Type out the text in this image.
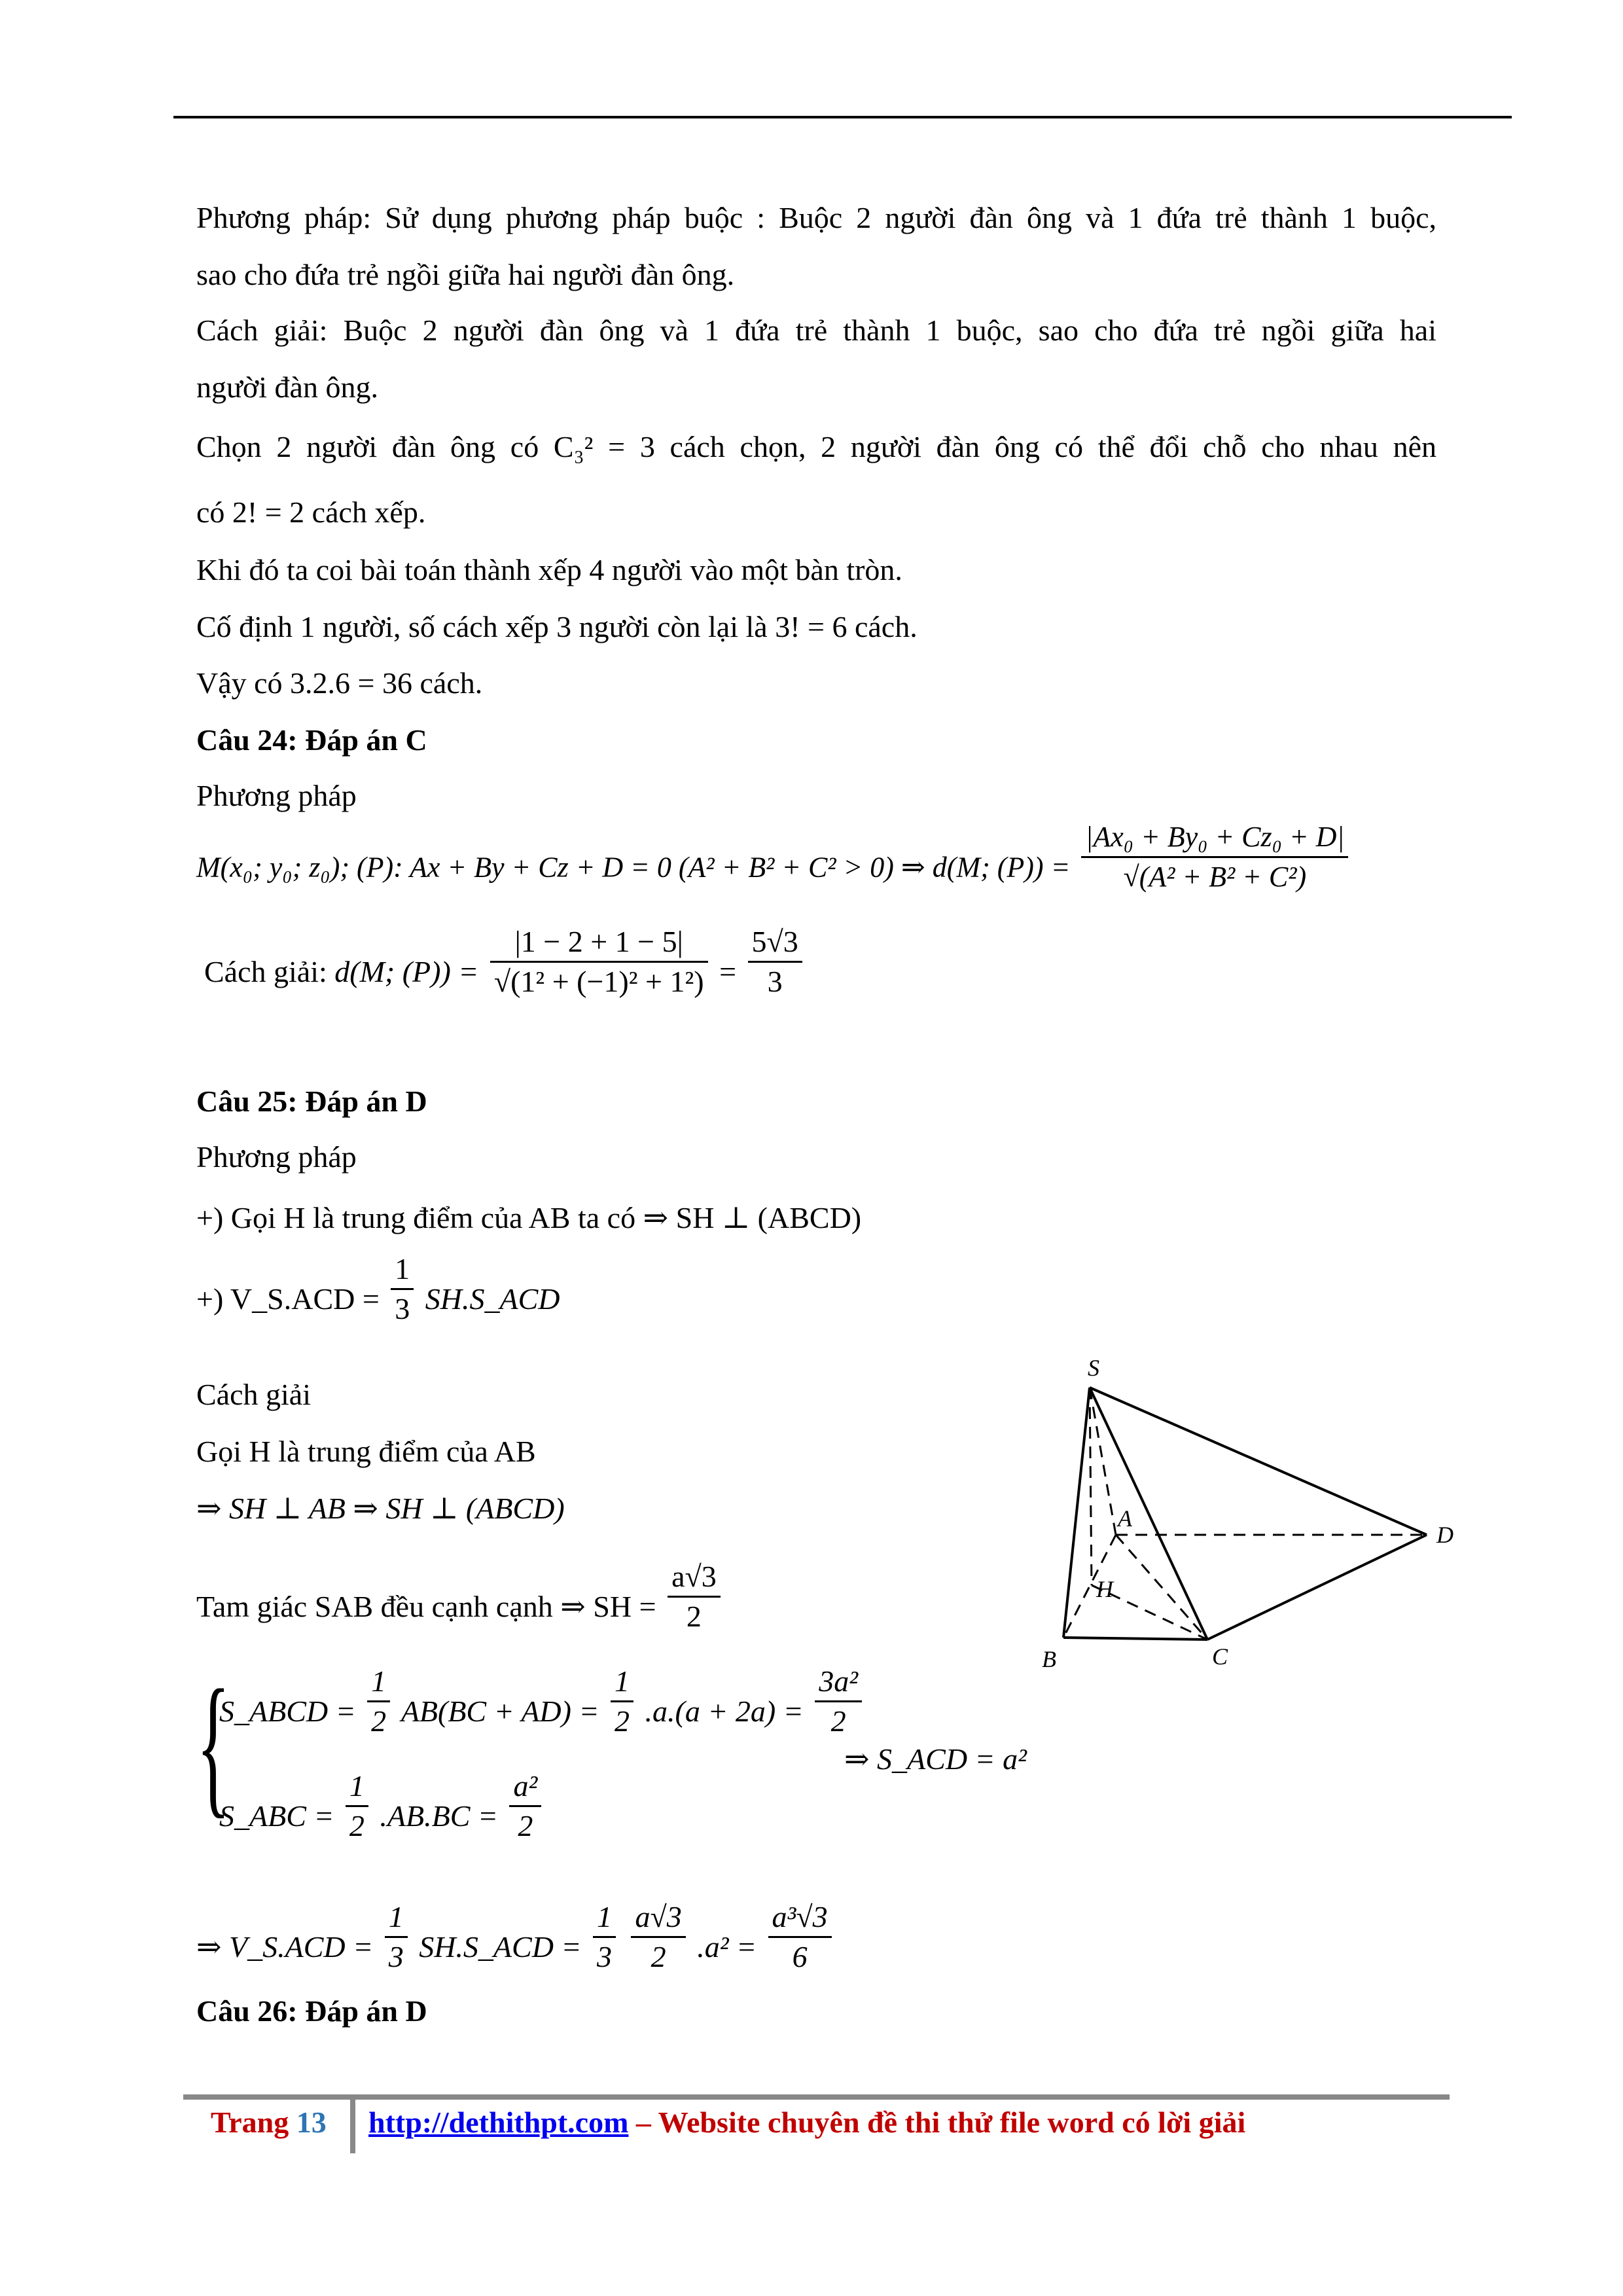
Phương pháp: Sử dụng phương pháp buộc : Buộc 2 người đàn ông và 1 đứa trẻ thành 1 buộc,
sao cho đứa trẻ ngồi giữa hai người đàn ông.
Cách giải: Buộc 2 người đàn ông và 1 đứa trẻ thành 1 buộc, sao cho đứa trẻ ngồi giữa hai
người đàn ông.
Chọn 2 người đàn ông có C₃² = 3 cách chọn, 2 người đàn ông có thể đổi chỗ cho nhau nên
có 2! = 2 cách xếp.
Khi đó ta coi bài toán thành xếp 4 người vào một bàn tròn.
Cố định 1 người, số cách xếp 3 người còn lại là 3! = 6 cách.
Vậy có 3.2.6 = 36 cách.
Câu 24: Đáp án C
Phương pháp
M(x₀; y₀; z₀); (P): Ax + By + Cz + D = 0 (A² + B² + C² > 0) ⇒ d(M; $(P)) = \frac{\text{|Ax₀ + By₀ + Cz₀ + D|}}{\text{√(A² + B² + C²)}}$
Cách giải: d(M; $(P)) = \frac{|1 - 2 + 1 - 5|}{\text{√(1² + (−1)² + 1²)}} = \frac{5√3}{3}$
Câu 25: Đáp án D
Phương pháp
+) Gọi H là trung điểm của AB ta có ⇒ SH ⊥ (ABCD)
+) V_S.ACD = $\frac{1}{3}$ SH.S_ACD
Cách giải
Gọi H là trung điểm của AB
⇒ SH ⊥ AB ⇒ SH ⊥ (ABCD)
Tam giác SAB đều cạnh cạnh ⇒ SH = $\frac{a√3}{2}$
{
S_ABCD = $\frac{1}{2} AB(BC + AD) = \frac{1}{2} .a.(a + 2a) = \frac{\text{3a²}}{2}$
⇒ S_ACD = a²
S_ABC = $\frac{1}{2} .AB.BC = \frac{\text{a²}}{2}$
⇒ V_S.ACD = $\frac{1}{3}$ SH.S_ACD = $\frac{1}{3}$
$\frac{a√3}{2} .a^2 = \frac{\text{a³√3}}{6}$
S
A
H
B	C
D
Câu 26: Đáp án D
Trang 13 http://dethithpt.com – Website chuyên đề thi thử file word có lời giải
